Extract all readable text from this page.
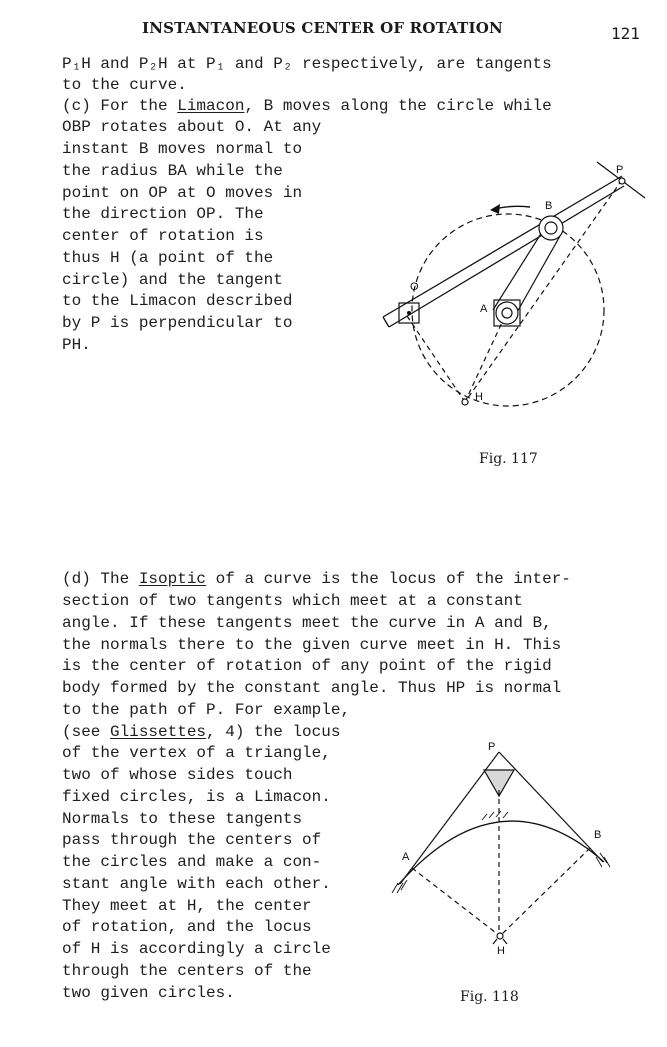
INSTANTANEOUS CENTER OF ROTATION	121

P₁H and P₂H at P₁ and P₂ respectively, are tangents

to the curve.

(c) For the Limacon, B moves along the circle while

OBP rotates about O. At any

instant B moves normal to

the radius BA while the

point on OP at O moves in

the direction OP. The

center of rotation is

thus H (a point of the

circle) and the tangent

to the Limacon described

by P is perpendicular to

PH.

P
B
O
A
H
Fig. 117

(d) The Isoptic of a curve is the locus of the inter-

section of two tangents which meet at a constant

angle. If these tangents meet the curve in A and B,

the normals there to the given curve meet in H. This

is the center of rotation of any point of the rigid

body formed by the constant angle. Thus HP is normal

to the path of P. For example,

(see Glissettes, 4) the locus

of the vertex of a triangle,

two of whose sides touch

fixed circles, is a Limacon.

Normals to these tangents

pass through the centers of

the circles and make a con-

stant angle with each other.

They meet at H, the center

of rotation, and the locus

of H is accordingly a circle

through the centers of the

two given circles.

P
A
B
H
Fig. 118
